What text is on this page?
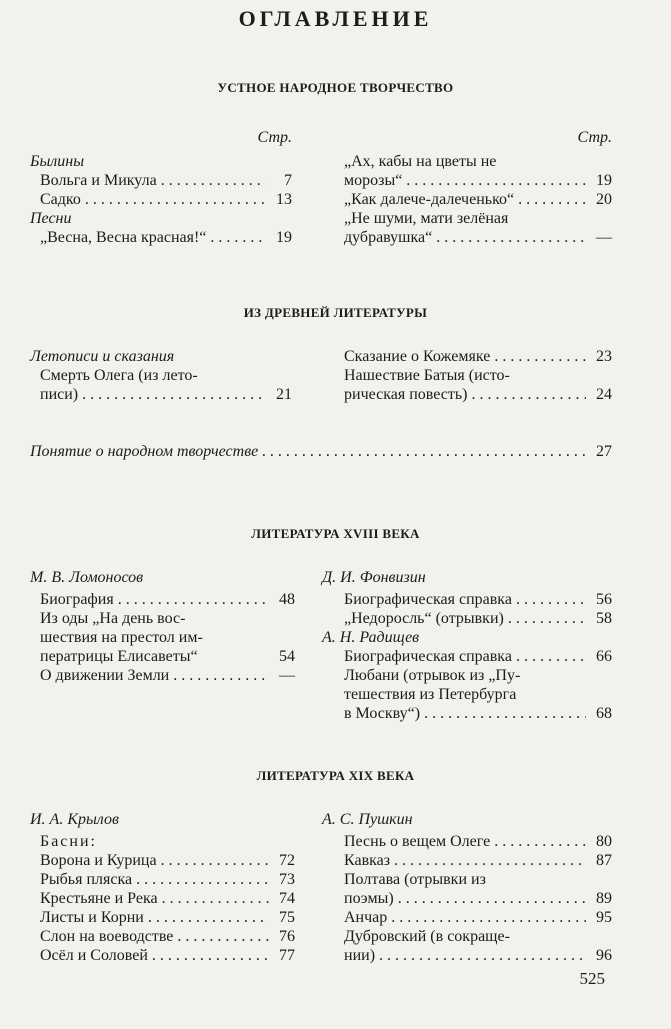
ОГЛАВЛЕНИЕ
УСТНОЕ НАРОДНОЕ ТВОРЧЕСТВО
Стр.
Былины
Вольга и Микула . . .	7
Садко . . .	13
Песни
„Весна, Весна красная!“ . . .	19
Стр.
„Ах, кабы на цветы не
морозы“ . . .	19
„Как далече-далеченько“ . . .	20
„Не шуми, мати зелёная
дубравушка“ . . .	—
ИЗ ДРЕВНЕЙ ЛИТЕРАТУРЫ
Летописи и сказания
Смерть Олега (из лето-
писи) . . .	21
Сказание о Кожемяке . . .	23
Нашествие Батыя (исто-
рическая повесть) . . .	24
Понятие о народном творчестве . . .	27
ЛИТЕРАТУРА XVIII ВЕКА
М. В. Ломоносов
Биография . . .	48
Из оды „На день вос-
шествия на престол им-
ператрицы Елисаветы“	54
О движении Земли . . .	—
Д. И. Фонвизин
Биографическая справка . . .	56
„Недоросль“ (отрывки) . . .	58
А. Н. Радищев
Биографическая справка . . .	66
Любани (отрывок из „Пу-
тешествия из Петербурга
в Москву“) . . .	68
ЛИТЕРАТУРА XIX ВЕКА
И. А. Крылов
Басни:
Ворона и Курица . . .	72
Рыбья пляска . . .	73
Крестьяне и Река . . .	74
Листы и Корни . . .	75
Слон на воеводстве . . .	76
Осёл и Соловей . . .	77
А. С. Пушкин
Песнь о вещем Олеге . . .	80
Кавказ . . .	87
Полтава (отрывки из
поэмы) . . .	89
Анчар . . .	95
Дубровский (в сокраще-
нии) . . .	96
525
